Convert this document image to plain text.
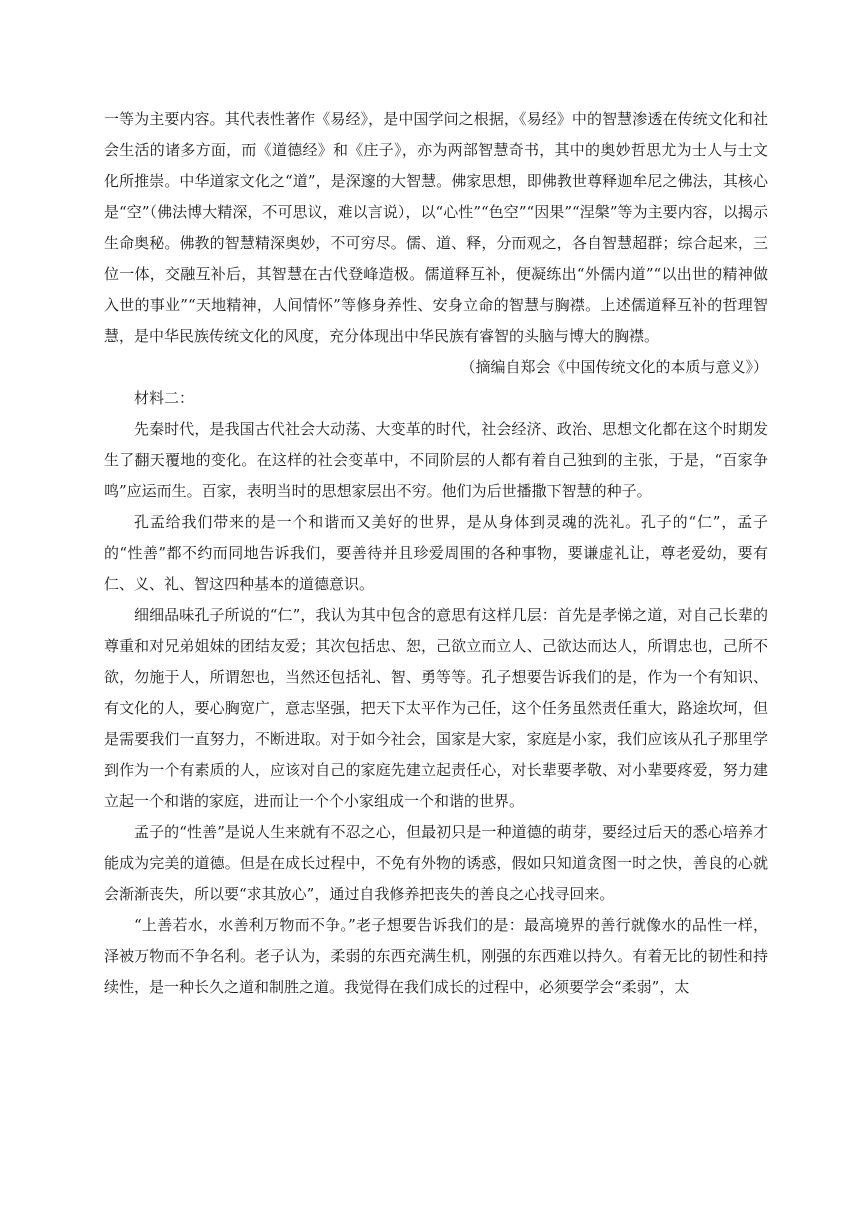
一等为主要内容。其代表性著作《易经》，是中国学问之根据，《易经》中的智慧渗透在传统文化和社会生活的诸多方面，而《道德经》和《庄子》，亦为两部智慧奇书，其中的奥妙哲思尤为士人与士文化所推崇。中华道家文化之“道”，是深邃的大智慧。佛家思想，即佛教世尊释迦牟尼之佛法，其核心是“空”（佛法博大精深，不可思议，难以言说），以“心性”“色空”“因果”“涅槃”等为主要内容，以揭示生命奥秘。佛教的智慧精深奥妙，不可穷尽。儒、道、释，分而观之，各自智慧超群；综合起来，三位一体，交融互补后，其智慧在古代登峰造极。儒道释互补，便凝练出“外儒内道”“以出世的精神做入世的事业”“天地精神，人间情怀”等修身养性、安身立命的智慧与胸襟。上述儒道释互补的哲理智慧，是中华民族传统文化的风度，充分体现出中华民族有睿智的头脑与博大的胸襟。

（摘编自郑会《中国传统文化的本质与意义》）

材料二：

先秦时代，是我国古代社会大动荡、大变革的时代，社会经济、政治、思想文化都在这个时期发生了翻天覆地的变化。在这样的社会变革中，不同阶层的人都有着自己独到的主张，于是，“百家争鸣”应运而生。百家，表明当时的思想家层出不穷。他们为后世播撒下智慧的种子。

孔孟给我们带来的是一个和谐而又美好的世界，是从身体到灵魂的洗礼。孔子的“仁”，孟子的“性善”都不约而同地告诉我们，要善待并且珍爱周围的各种事物，要谦虚礼让，尊老爱幼，要有仁、义、礼、智这四种基本的道德意识。

细细品味孔子所说的“仁”，我认为其中包含的意思有这样几层：首先是孝悌之道，对自己长辈的尊重和对兄弟姐妹的团结友爱；其次包括忠、恕，己欲立而立人、己欲达而达人，所谓忠也，己所不欲，勿施于人，所谓恕也，当然还包括礼、智、勇等等。孔子想要告诉我们的是，作为一个有知识、有文化的人，要心胸宽广，意志坚强，把天下太平作为己任，这个任务虽然责任重大，路途坎坷，但是需要我们一直努力，不断进取。对于如今社会，国家是大家，家庭是小家，我们应该从孔子那里学到作为一个有素质的人，应该对自己的家庭先建立起责任心，对长辈要孝敬、对小辈要疼爱，努力建立起一个和谐的家庭，进而让一个个小家组成一个和谐的世界。

孟子的“性善”是说人生来就有不忍之心，但最初只是一种道德的萌芽，要经过后天的悉心培养才能成为完美的道德。但是在成长过程中，不免有外物的诱惑，假如只知道贪图一时之快，善良的心就会渐渐丧失，所以要“求其放心”，通过自我修养把丧失的善良之心找寻回来。

“上善若水，水善利万物而不争。”老子想要告诉我们的是：最高境界的善行就像水的品性一样，泽被万物而不争名利。老子认为，柔弱的东西充满生机，刚强的东西难以持久。有着无比的韧性和持续性，是一种长久之道和制胜之道。我觉得在我们成长的过程中，必须要学会“柔弱”，太
